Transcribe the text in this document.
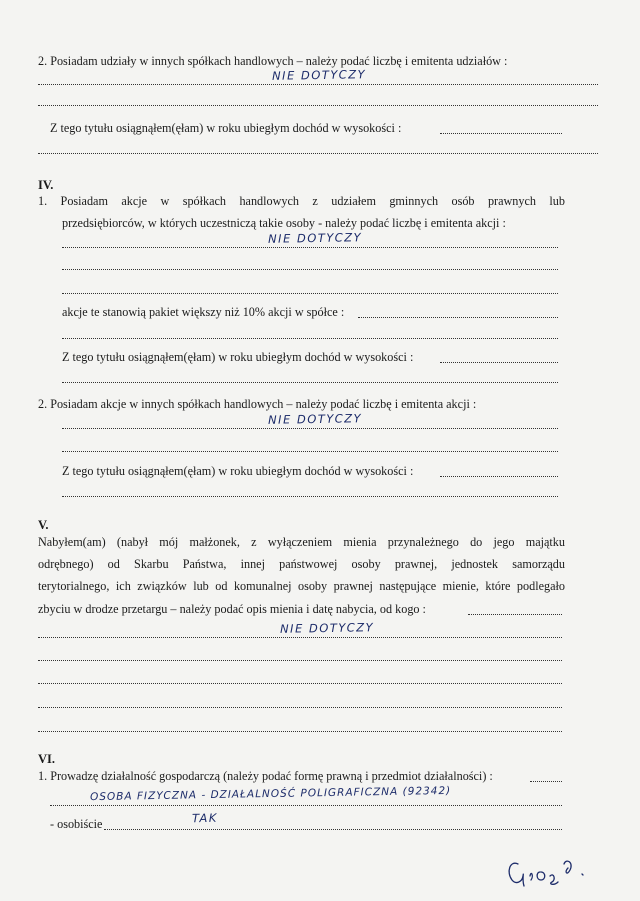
2. Posiadam udziały w innych spółkach handlowych – należy podać liczbę i emitenta udziałów :
NIE DOTYCZY
Z tego tytułu osiągnąłem(ęłam) w roku ubiegłym dochód w wysokości :
IV.
1. Posiadam akcje w spółkach handlowych z udziałem gminnych osób prawnych lub
przedsiębiorców, w których uczestniczą takie osoby - należy podać liczbę i emitenta akcji :
NIE DOTYCZY
akcje te stanowią pakiet większy niż 10% akcji w spółce :
Z tego tytułu osiągnąłem(ęłam) w roku ubiegłym dochód w wysokości :
2. Posiadam akcje w innych spółkach handlowych – należy podać liczbę i emitenta akcji :
NIE DOTYCZY
Z tego tytułu osiągnąłem(ęłam) w roku ubiegłym dochód w wysokości :
V.
Nabyłem(am) (nabył mój małżonek, z wyłączeniem mienia przynależnego do jego majątku
odrębnego) od Skarbu Państwa, innej państwowej osoby prawnej, jednostek samorządu
terytorialnego, ich związków lub od komunalnej osoby prawnej następujące mienie, które podlegało
zbyciu w drodze przetargu – należy podać opis mienia i datę nabycia, od kogo :
NIE DOTYCZY
VI.
1. Prowadzę działalność gospodarczą (należy podać formę prawną i przedmiot działalności) :
OSOBA FIZYCZNA - DZIAŁALNOŚĆ POLIGRAFICZNA (92342)
- osobiście	TAK
